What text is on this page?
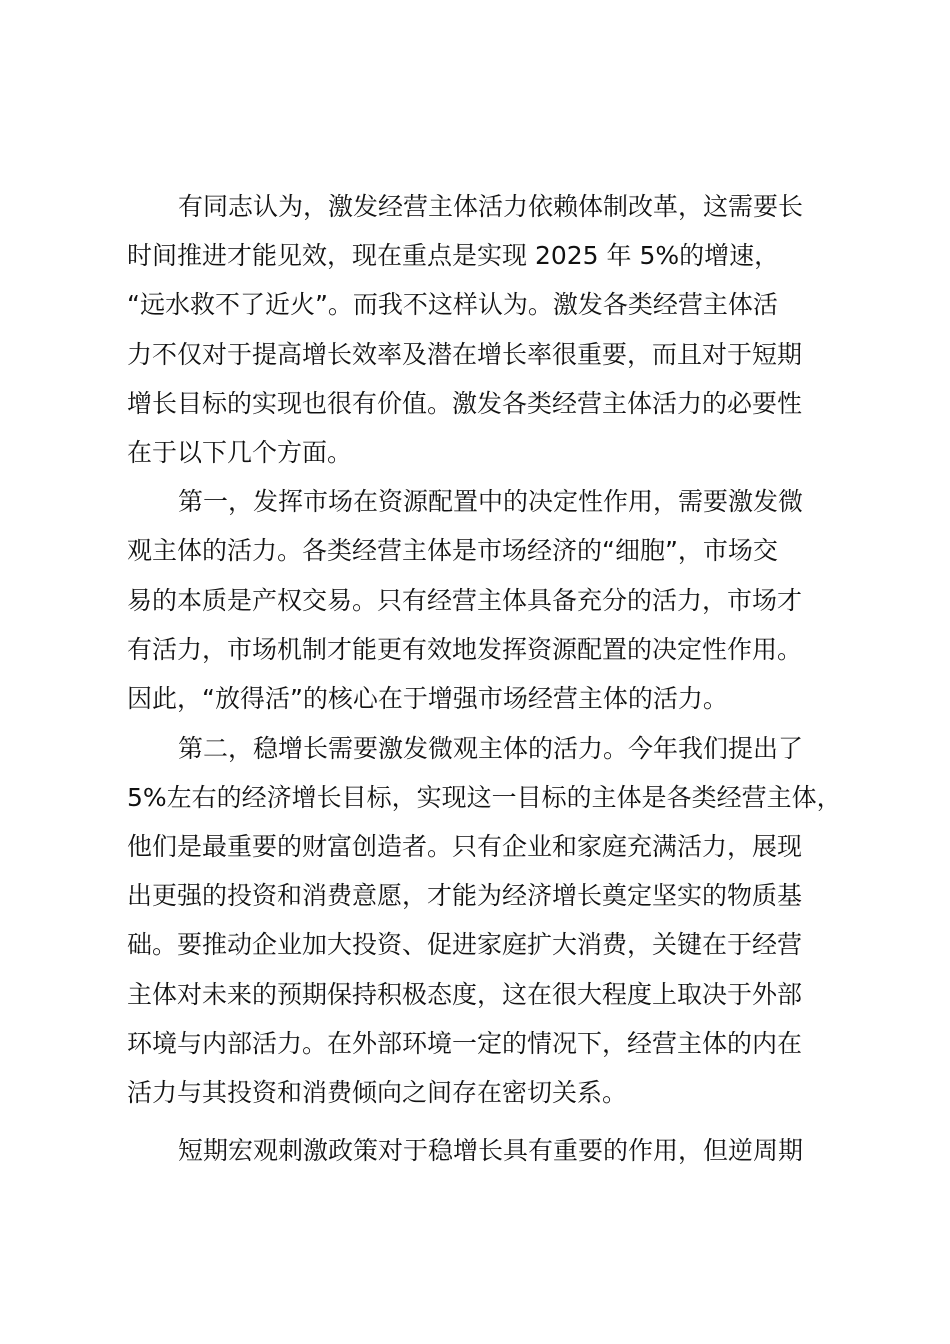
有同志认为，激发经营主体活力依赖体制改革，这需要长
时间推进才能见效，现在重点是实现 2025 年 5%的增速，
“远水救不了近火”。而我不这样认为。激发各类经营主体活
力不仅对于提高增长效率及潜在增长率很重要，而且对于短期
增长目标的实现也很有价值。激发各类经营主体活力的必要性
在于以下几个方面。
第一，发挥市场在资源配置中的决定性作用，需要激发微
观主体的活力。各类经营主体是市场经济的“细胞”，市场交
易的本质是产权交易。只有经营主体具备充分的活力，市场才
有活力，市场机制才能更有效地发挥资源配置的决定性作用。
因此，“放得活”的核心在于增强市场经营主体的活力。
第二，稳增长需要激发微观主体的活力。今年我们提出了
5%左右的经济增长目标，实现这一目标的主体是各类经营主体，
他们是最重要的财富创造者。只有企业和家庭充满活力，展现
出更强的投资和消费意愿，才能为经济增长奠定坚实的物质基
础。要推动企业加大投资、促进家庭扩大消费，关键在于经营
主体对未来的预期保持积极态度，这在很大程度上取决于外部
环境与内部活力。在外部环境一定的情况下，经营主体的内在
活力与其投资和消费倾向之间存在密切关系。
短期宏观刺激政策对于稳增长具有重要的作用，但逆周期
